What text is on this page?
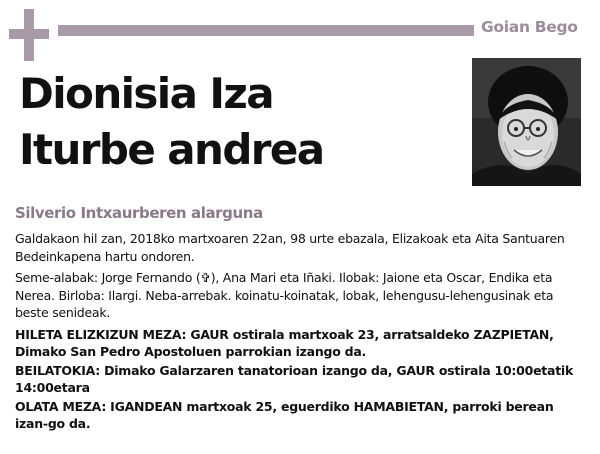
Goian Bego
Dionisia Iza
Iturbe andrea
Silverio Intxaurberen alarguna

Galdakaon hil zan, 2018ko martxoaren 22an, 98 urte ebazala, Elizakoak eta Aita Santuaren Bedeinkapena hartu ondoren.

Seme-alabak: Jorge Fernando (✞), Ana Mari eta Iñaki. Ilobak: Jaione eta Oscar, Endika eta Nerea. Birloba: Ilargi. Neba-arrebak. koinatu-koinatak, lobak, lehengusu-lehengusinak eta beste senideak.

HILETA ELIZKIZUN MEZA: GAUR ostirala martxoak 23, arratsaldeko ZAZPIETAN, Dimako San Pedro Apostoluen parrokian izango da.

BEILATOKIA: Dimako Galarzaren tanatorioan izango da, GAUR ostirala 10:00etatik 14:00etara

OLATA MEZA: IGANDEAN martxoak 25, eguerdiko HAMABIETAN, parroki berean izan-go da.
